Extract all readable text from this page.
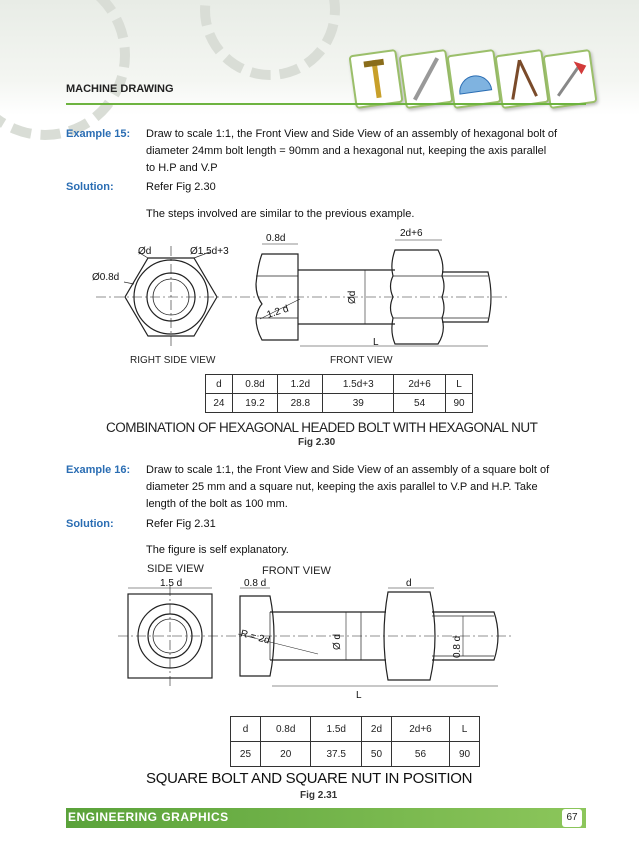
MACHINE DRAWING
Example 15: Draw to scale 1:1, the Front View and Side View of an assembly of hexagonal bolt of
diameter 24mm bolt length = 90mm and a hexagonal nut, keeping the axis parallel
to H.P and V.P
Solution:	Refer Fig 2.30
The steps involved are similar to the previous example.
Ød	Ø1.5d+3
Ø0.8d
0.8d	2d+6
1.2 d
Ød
L
RIGHT SIDE VIEW	FRONT VIEW
d	0.8d	1.2d	1.5d+3	2d+6	L
24	19.2	28.8	39	54	90
COMBINATION OF HEXAGONAL HEADED BOLT WITH HEXAGONAL NUT
Fig 2.30
Example 16: Draw to scale 1:1, the Front View and Side View of an assembly of a square bolt of
diameter 25 mm and a square nut, keeping the axis parallel to V.P and H.P. Take
length of the bolt as 100 mm.
Solution:	Refer Fig 2.31
The figure is self explanatory.
SIDE VIEW	FRONT VIEW
1.5 d	0.8 d	d
R = 2d	Ø d	0.8 d
L
d	0.8d	1.5d	2d	2d+6	L
25	20	37.5	50	56	90
SQUARE BOLT AND SQUARE NUT IN POSITION
Fig 2.31
ENGINEERING GRAPHICS	67
